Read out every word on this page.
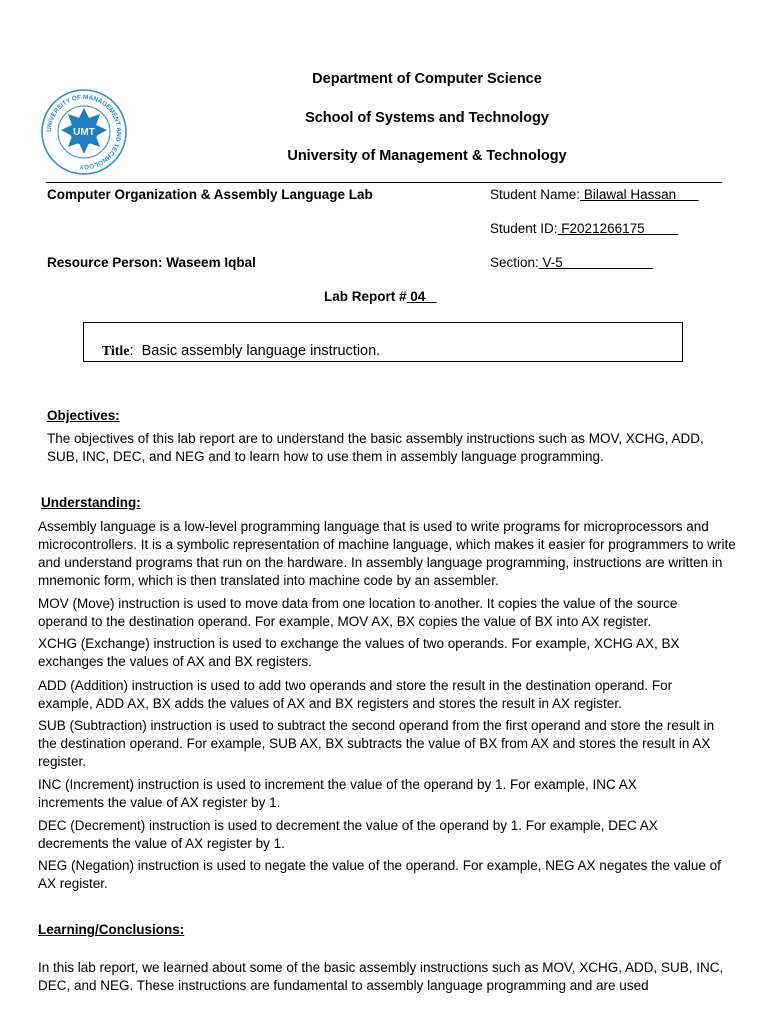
UNIVERSITY OF MANAGEMENT AND TECHNOLOGY
UMT
Department of Computer Science
School of Systems and Technology
University of Management & Technology
Computer Organization & Assembly Language Lab
Resource Person: Waseem Iqbal
Student Name: Bilawal Hassan
Student ID: F2021266175
Section: V-5
Lab Report # 04

Title:  Basic assembly language instruction.

Objectives:

The objectives of this lab report are to understand the basic assembly instructions such as MOV, XCHG, ADD, SUB, INC, DEC, and NEG and to learn how to use them in assembly language programming.

Understanding:

Assembly language is a low-level programming language that is used to write programs for microprocessors and microcontrollers. It is a symbolic representation of machine language, which makes it easier for programmers to write and understand programs that run on the hardware. In assembly language programming, instructions are written in mnemonic form, which is then translated into machine code by an assembler.

MOV (Move) instruction is used to move data from one location to another. It copies the value of the source operand to the destination operand. For example, MOV AX, BX copies the value of BX into AX register.

XCHG (Exchange) instruction is used to exchange the values of two operands. For example, XCHG AX, BX exchanges the values of AX and BX registers.

ADD (Addition) instruction is used to add two operands and store the result in the destination operand. For example, ADD AX, BX adds the values of AX and BX registers and stores the result in AX register.

SUB (Subtraction) instruction is used to subtract the second operand from the first operand and store the result in the destination operand. For example, SUB AX, BX subtracts the value of BX from AX and stores the result in AX register.

INC (Increment) instruction is used to increment the value of the operand by 1. For example, INC AX increments the value of AX register by 1.

DEC (Decrement) instruction is used to decrement the value of the operand by 1. For example, DEC AX decrements the value of AX register by 1.

NEG (Negation) instruction is used to negate the value of the operand. For example, NEG AX negates the value of AX register.

Learning/Conclusions:

In this lab report, we learned about some of the basic assembly instructions such as MOV, XCHG, ADD, SUB, INC, DEC, and NEG. These instructions are fundamental to assembly language programming and are used
